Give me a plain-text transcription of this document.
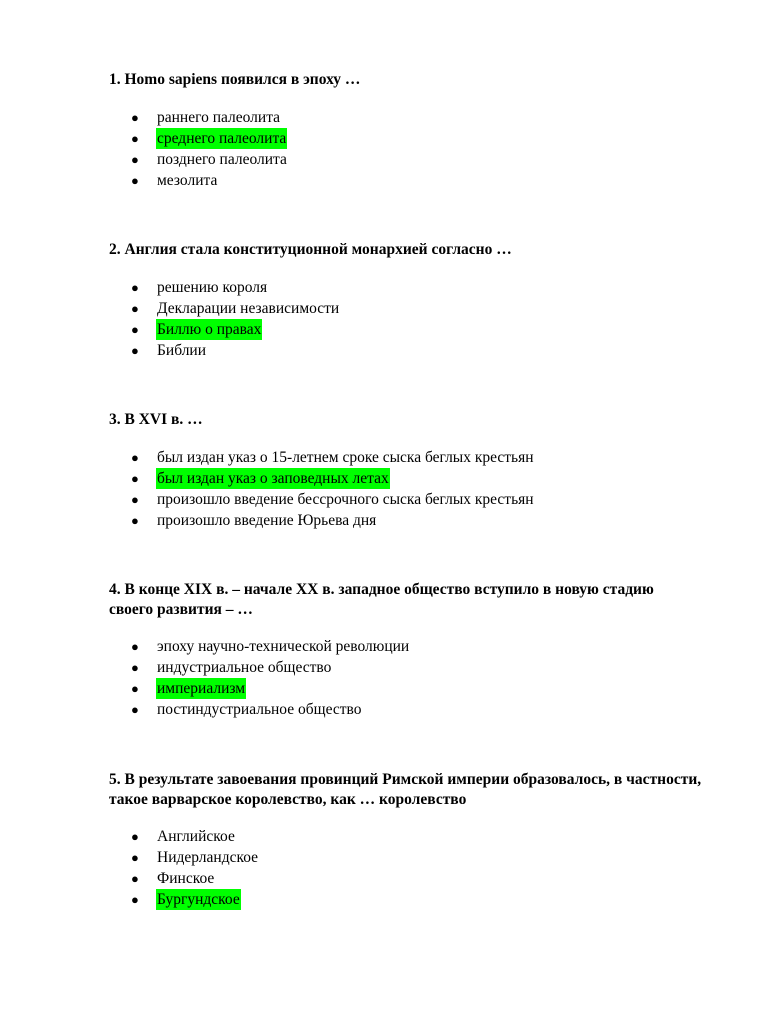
1. Homo sapiens появился в эпоху …

● раннего палеолита
● среднего палеолита
● позднего палеолита
● мезолита

2. Англия стала конституционной монархией согласно …

● решению короля
● Декларации независимости
● Биллю о правах
● Библии

3. В XVI в. …

● был издан указ о 15-летнем сроке сыска беглых крестьян
● был издан указ о заповедных летах
● произошло введение бессрочного сыска беглых крестьян
● произошло введение Юрьева дня

4. В конце XIX в. – начале XX в. западное общество вступило в новую стадию своего развития – …

● эпоху научно-технической революции
● индустриальное общество
● империализм
● постиндустриальное общество

5. В результате завоевания провинций Римской империи образовалось, в частности, такое варварское королевство, как … королевство

● Английское
● Нидерландское
● Финское
● Бургундское
